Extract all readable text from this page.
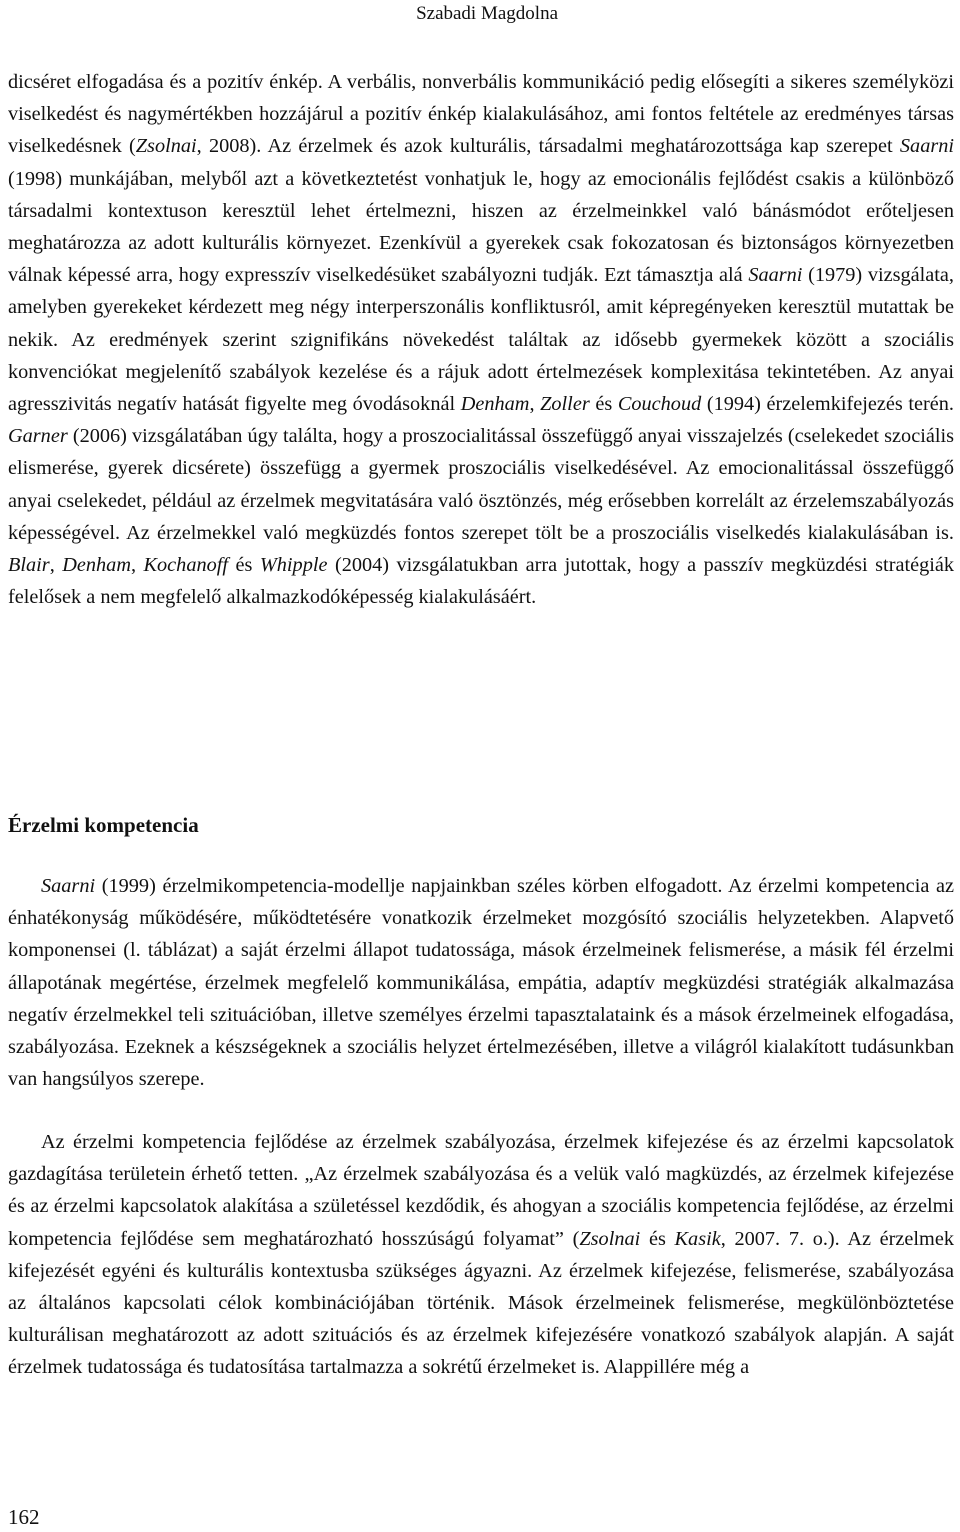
Szabadi Magdolna

dicséret elfogadása és a pozitív énkép. A verbális, nonverbális kommunikáció pedig elősegíti a sikeres személyközi viselkedést és nagymértékben hozzájárul a pozitív énkép kialakulásához, ami fontos feltétele az eredményes társas viselkedésnek (Zsolnai, 2008). Az érzelmek és azok kulturális, társadalmi meghatározottsága kap szerepet Saarni (1998) munkájában, melyből azt a következtetést vonhatjuk le, hogy az emocionális fejlődést csakis a különböző társadalmi kontextuson keresztül lehet értelmezni, hiszen az érzelmeinkkel való bánásmódot erőteljesen meghatározza az adott kulturális környezet. Ezenkívül a gyerekek csak fokozatosan és biztonságos környezetben válnak képessé arra, hogy expresszív viselkedésüket szabályozni tudják. Ezt támasztja alá Saarni (1979) vizsgálata, amelyben gyerekeket kérdezett meg négy interperszonális konfliktusról, amit képregényeken keresztül mutattak be nekik. Az eredmények szerint szignifikáns növekedést találtak az idősebb gyermekek között a szociális konvenciókat megjelenítő szabályok kezelése és a rájuk adott értelmezések komplexitása tekintetében. Az anyai agresszivitás negatív hatását figyelte meg óvodásoknál Denham, Zoller és Couchoud (1994) érzelemkifejezés terén. Garner (2006) vizsgálatában úgy találta, hogy a proszocialitással összefüggő anyai visszajelzés (cselekedet szociális elismerése, gyerek dicsérete) összefügg a gyermek proszociális viselkedésével. Az emocionalitással összefüggő anyai cselekedet, például az érzelmek megvitatására való ösztönzés, még erősebben korrelált az érzelemszabályozás képességével. Az érzelmekkel való megküzdés fontos szerepet tölt be a proszociális viselkedés kialakulásában is. Blair, Denham, Kochanoff és Whipple (2004) vizsgálatukban arra jutottak, hogy a passzív megküzdési stratégiák felelősek a nem megfelelő alkalmazkodóképesség kialakulásáért.

Érzelmi kompetencia

Saarni (1999) érzelmikompetencia-modellje napjainkban széles körben elfogadott. Az érzelmi kompetencia az énhatékonyság működésére, működtetésére vonatkozik érzelmeket mozgósító szociális helyzetekben. Alapvető komponensei (l. táblázat) a saját érzelmi állapot tudatossága, mások érzelmeinek felismerése, a másik fél érzelmi állapotának megértése, érzelmek megfelelő kommunikálása, empátia, adaptív megküzdési stratégiák alkalmazása negatív érzelmekkel teli szituációban, illetve személyes érzelmi tapasztalataink és a mások érzelmeinek elfogadása, szabályozása. Ezeknek a készségeknek a szociális helyzet értelmezésében, illetve a világról kialakított tudásunkban van hangsúlyos szerepe.

Az érzelmi kompetencia fejlődése az érzelmek szabályozása, érzelmek kifejezése és az érzelmi kapcsolatok gazdagítása területein érhető tetten. „Az érzelmek szabályozása és a velük való magküzdés, az érzelmek kifejezése és az érzelmi kapcsolatok alakítása a születéssel kezdődik, és ahogyan a szociális kompetencia fejlődése, az érzelmi kompetencia fejlődése sem meghatározható hosszúságú folyamat” (Zsolnai és Kasik, 2007. 7. o.). Az érzelmek kifejezését egyéni és kulturális kontextusba szükséges ágyazni. Az érzelmek kifejezése, felismerése, szabályozása az általános kapcsolati célok kombinációjában történik. Mások érzelmeinek felismerése, megkülönböztetése kulturálisan meghatározott az adott szituációs és az érzelmek kifejezésére vonatkozó szabályok alapján. A saját érzelmek tudatossága és tudatosítása tartalmazza a sokrétű érzelmeket is. Alappillére még a

162
